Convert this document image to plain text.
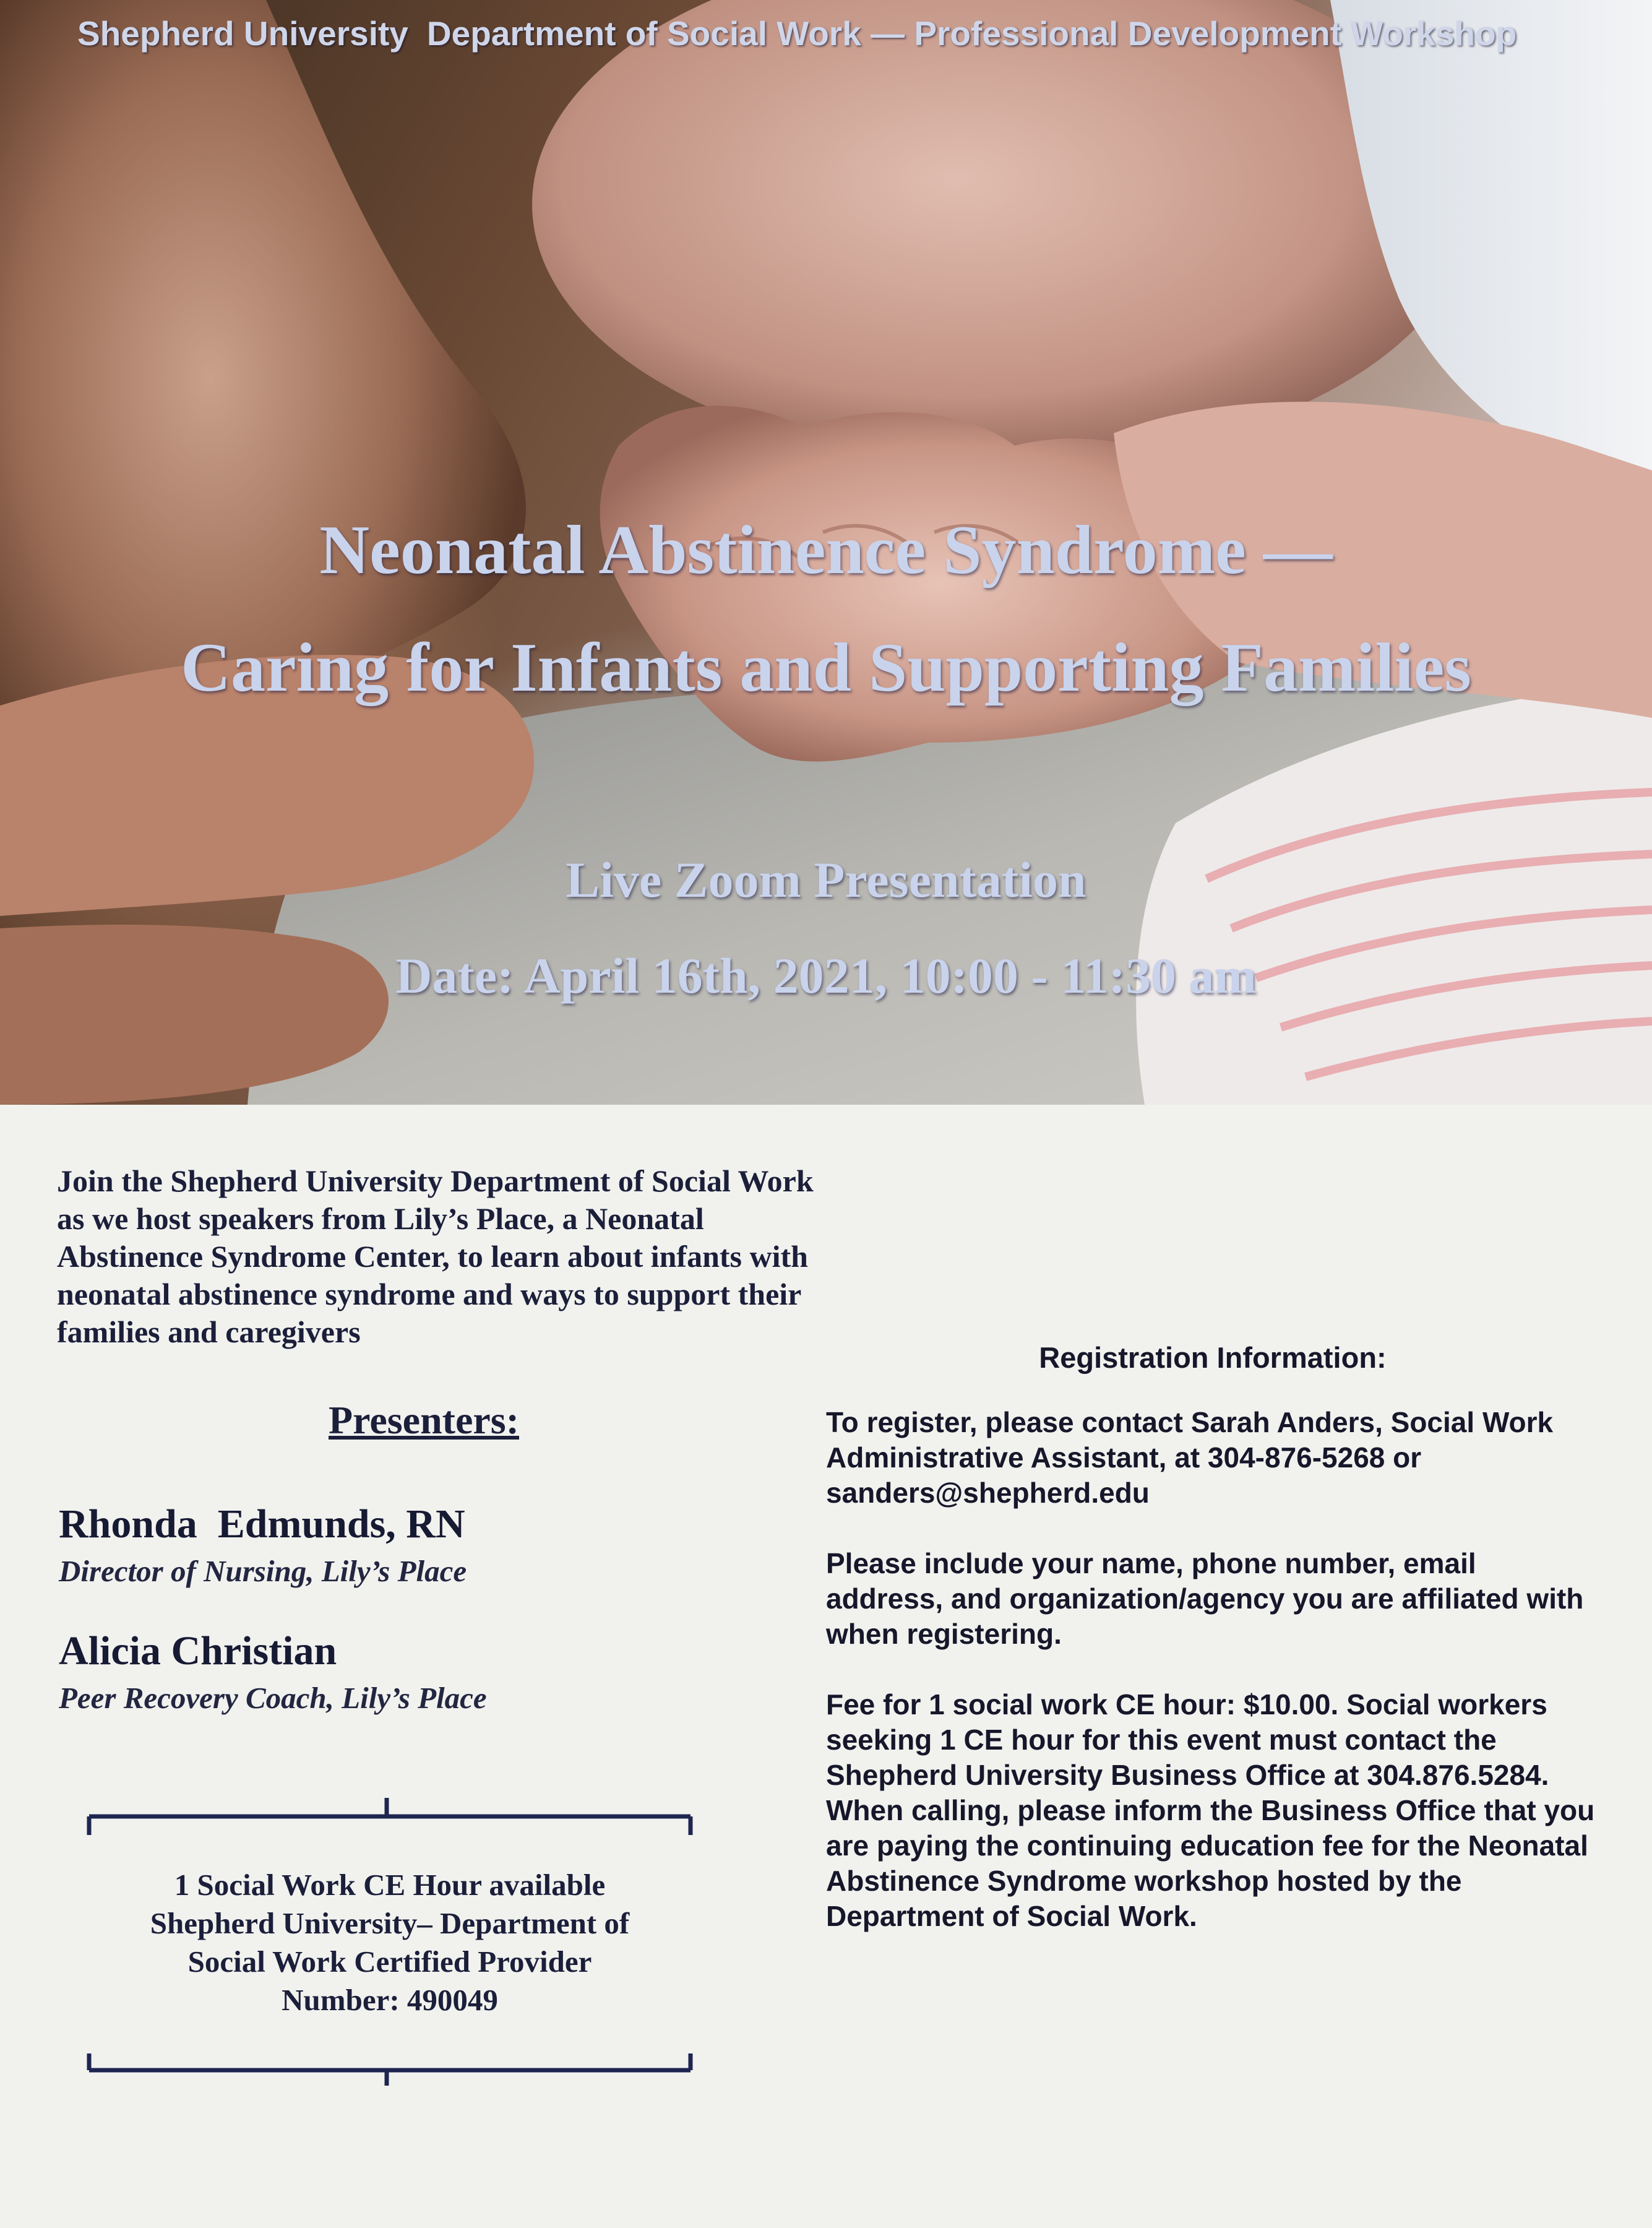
Shepherd University Department of Social Work — Professional Development Workshop
Neonatal Abstinence Syndrome —
Caring for Infants and Supporting Families
Live Zoom Presentation
Date: April 16th, 2021, 10:00 - 11:30 am
Join the Shepherd University Department of Social Work as we host speakers from Lily’s Place, a Neonatal Abstinence Syndrome Center, to learn about infants with neonatal abstinence syndrome and ways to support their families and caregivers
Presenters:
Rhonda  Edmunds, RN
Director of Nursing, Lily’s Place
Alicia Christian
Peer Recovery Coach, Lily’s Place
1 Social Work CE Hour available
Shepherd University– Department of
Social Work Certified Provider
Number: 490049
Registration Information:

To register, please contact Sarah Anders, Social Work Administrative Assistant, at 304-876-5268 or sanders@shepherd.edu

Please include your name, phone number, email address, and organization/agency you are affiliated with when registering.

Fee for 1 social work CE hour: $10.00. Social workers seeking 1 CE hour for this event must contact the Shepherd University Business Office at 304.876.5284. When calling, please inform the Business Office that you are paying the continuing education fee for the Neonatal Abstinence Syndrome workshop hosted by the Department of Social Work.
